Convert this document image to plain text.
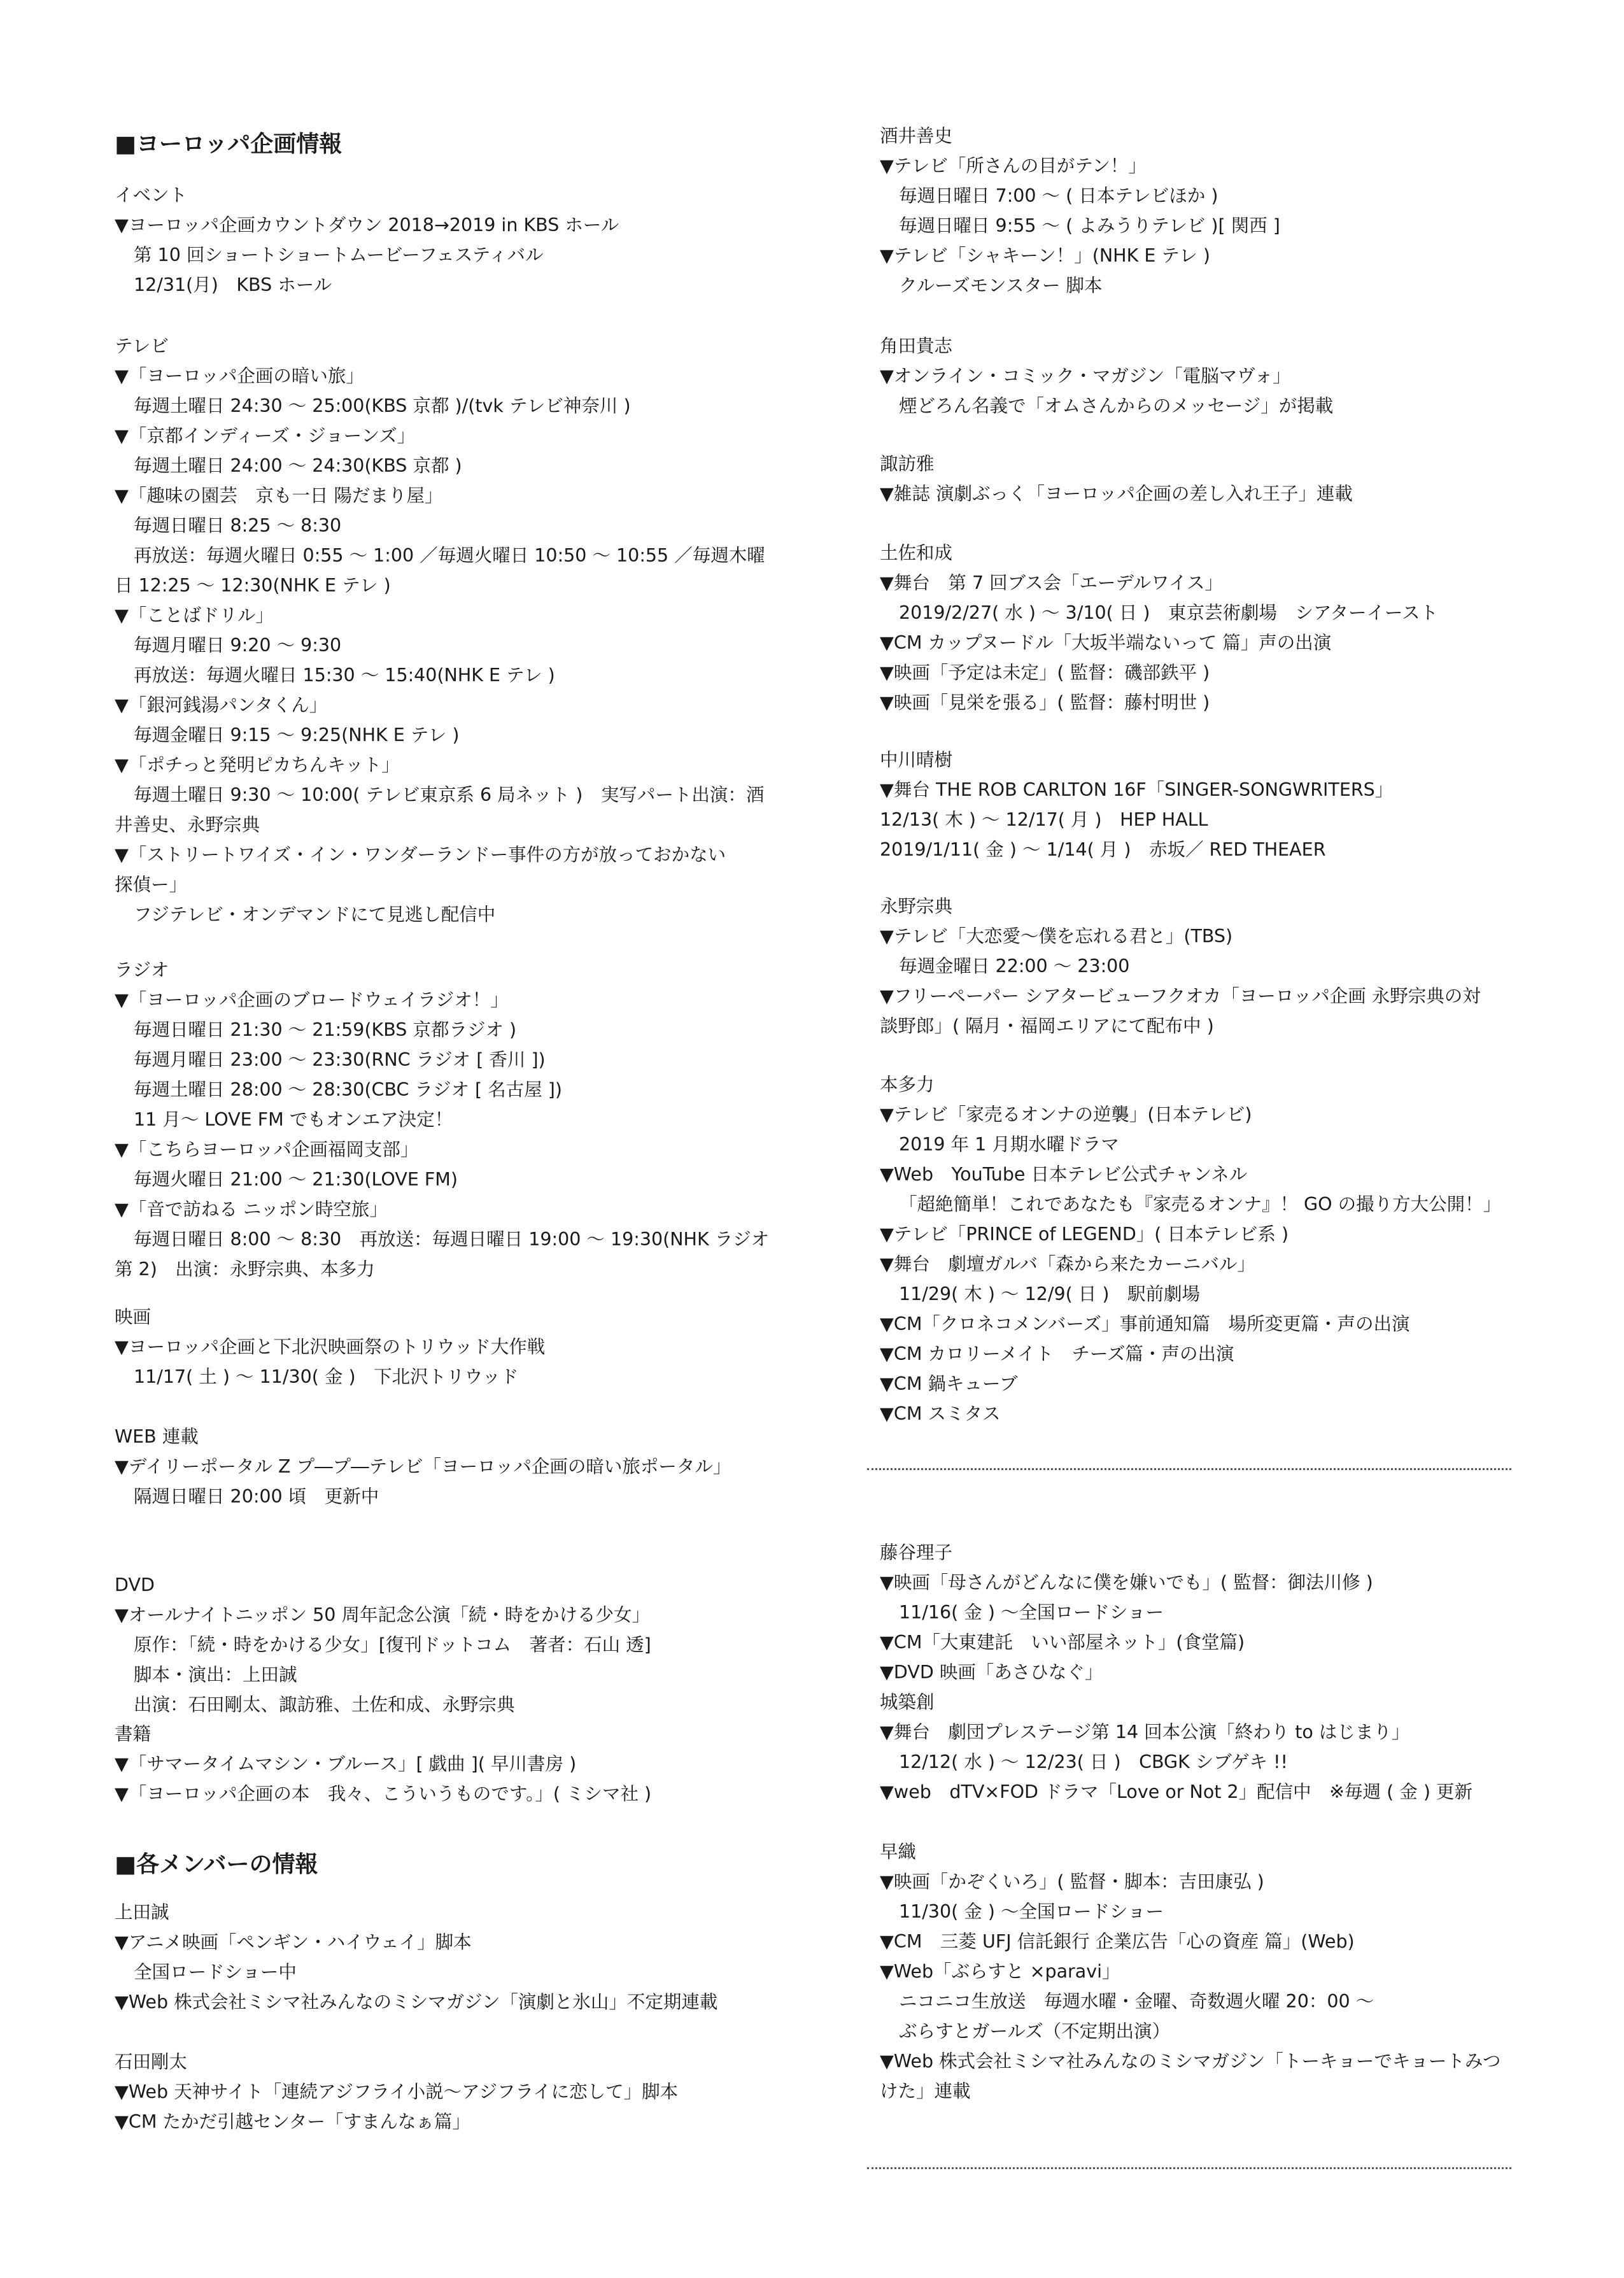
■ヨーロッパ企画情報
■各メンバーの情報
イベント
▼ヨーロッパ企画カウントダウン 2018→2019 in KBS ホール
第 10 回ショートショートムービーフェスティバル
12/31(月)　KBS ホール
テレビ
▼「ヨーロッパ企画の暗い旅」
毎週土曜日 24:30 ～ 25:00(KBS 京都 )/(tvk テレビ神奈川 )
▼「京都インディーズ・ジョーンズ」
毎週土曜日 24:00 ～ 24:30(KBS 京都 )
▼「趣味の園芸　京も一日 陽だまり屋」
毎週日曜日 8:25 ～ 8:30
再放送：毎週火曜日 0:55 ～ 1:00 ／毎週火曜日 10:50 ～ 10:55 ／毎週木曜
日 12:25 ～ 12:30(NHK E テレ )
▼「ことばドリル」
毎週月曜日 9:20 ～ 9:30
再放送：毎週火曜日 15:30 ～ 15:40(NHK E テレ )
▼「銀河銭湯パンタくん」
毎週金曜日 9:15 ～ 9:25(NHK E テレ )
▼「ポチっと発明ピカちんキット」
毎週土曜日 9:30 ～ 10:00( テレビ東京系 6 局ネット )　実写パート出演：酒
井善史、永野宗典
▼「ストリートワイズ・イン・ワンダーランドー事件の方が放っておかない
探偵ー」
フジテレビ・オンデマンドにて見逃し配信中
ラジオ
▼「ヨーロッパ企画のブロードウェイラジオ！」
毎週日曜日 21:30 ～ 21:59(KBS 京都ラジオ )
毎週月曜日 23:00 ～ 23:30(RNC ラジオ [ 香川 ])
毎週土曜日 28:00 ～ 28:30(CBC ラジオ [ 名古屋 ])
11 月～ LOVE FM でもオンエア決定！
▼「こちらヨーロッパ企画福岡支部」
毎週火曜日 21:00 ～ 21:30(LOVE FM)
▼「音で訪ねる ニッポン時空旅」
毎週日曜日 8:00 ～ 8:30　再放送：毎週日曜日 19:00 ～ 19:30(NHK ラジオ
第 2)　出演：永野宗典、本多力
映画
▼ヨーロッパ企画と下北沢映画祭のトリウッド大作戦
11/17( 土 ) ～ 11/30( 金 )　下北沢トリウッド
WEB 連載
▼デイリーポータル Z プ―プ―テレビ「ヨーロッパ企画の暗い旅ポータル」
隔週日曜日 20:00 頃　更新中
DVD
▼オールナイトニッポン 50 周年記念公演「続・時をかける少女」
原作：「続・時をかける少女」[復刊ドットコム　著者：石山 透]
脚本・演出：上田誠
出演：石田剛太、諏訪雅、土佐和成、永野宗典
書籍
▼「サマータイムマシン・ブルース」[ 戯曲 ]( 早川書房 )
▼「ヨーロッパ企画の本　我々、こういうものです。」( ミシマ社 )
上田誠
▼アニメ映画「ペンギン・ハイウェイ」脚本
全国ロードショー中
▼Web 株式会社ミシマ社みんなのミシマガジン「演劇と氷山」不定期連載
石田剛太
▼Web 天神サイト「連続アジフライ小説～アジフライに恋して」脚本
▼CM たかだ引越センター「すまんなぁ篇」
酒井善史
▼テレビ「所さんの目がテン！」
毎週日曜日 7:00 ～ ( 日本テレビほか )
毎週日曜日 9:55 ～ ( よみうりテレビ )[ 関西 ]
▼テレビ「シャキーン！」(NHK E テレ )
クルーズモンスター 脚本
角田貴志
▼オンライン・コミック・マガジン「電脳マヴォ」
煙どろん名義で「オムさんからのメッセージ」が掲載
諏訪雅
▼雑誌 演劇ぶっく「ヨーロッパ企画の差し入れ王子」連載
土佐和成
▼舞台　第 7 回ブス会「エーデルワイス」
2019/2/27( 水 ) ～ 3/10( 日 )　東京芸術劇場　シアターイースト
▼CM カップヌードル「大坂半端ないって 篇」声の出演
▼映画「予定は未定」( 監督：磯部鉄平 )
▼映画「見栄を張る」( 監督：藤村明世 )
中川晴樹
▼舞台 THE ROB CARLTON 16F「SINGER-SONGWRITERS」
12/13( 木 ) ～ 12/17( 月 )　HEP HALL
2019/1/11( 金 ) ～ 1/14( 月 )　赤坂／ RED THEAER
永野宗典
▼テレビ「大恋愛～僕を忘れる君と」(TBS)
毎週金曜日 22:00 ～ 23:00
▼フリーペーパー シアタービューフクオカ「ヨーロッパ企画 永野宗典の対
談野郎」( 隔月・福岡エリアにて配布中 )
本多力
▼テレビ「家売るオンナの逆襲」(日本テレビ)
2019 年 1 月期水曜ドラマ
▼Web　YouTube 日本テレビ公式チャンネル
「超絶簡単！これであなたも『家売るオンナ』！ GO の撮り方大公開！」
▼テレビ「PRINCE of LEGEND」( 日本テレビ系 )
▼舞台　劇壇ガルバ「森から来たカーニバル」
11/29( 木 ) ～ 12/9( 日 )　駅前劇場
▼CM「クロネコメンバーズ」事前通知篇　場所変更篇・声の出演
▼CM カロリーメイト　チーズ篇・声の出演
▼CM 鍋キューブ
▼CM スミタス
藤谷理子
▼映画「母さんがどんなに僕を嫌いでも」( 監督：御法川修 )
11/16( 金 ) ～全国ロードショー
▼CM「大東建託　いい部屋ネット」(食堂篇)
▼DVD 映画「あさひなぐ」
城築創
▼舞台　劇団プレステージ第 14 回本公演「終わり to はじまり」
12/12( 水 ) ～ 12/23( 日 )　CBGK シブゲキ !!
▼web　dTV×FOD ドラマ「Love or Not 2」配信中　※毎週 ( 金 ) 更新
早織
▼映画「かぞくいろ」( 監督・脚本：吉田康弘 )
11/30( 金 ) ～全国ロードショー
▼CM　三菱 UFJ 信託銀行 企業広告「心の資産 篇」(Web)
▼Web「ぶらすと ×paravi」
ニコニコ生放送　毎週水曜・金曜、奇数週火曜 20：00 ～
ぶらすとガールズ（不定期出演）
▼Web 株式会社ミシマ社みんなのミシマガジン「トーキョーでキョートみつ
けた」連載
